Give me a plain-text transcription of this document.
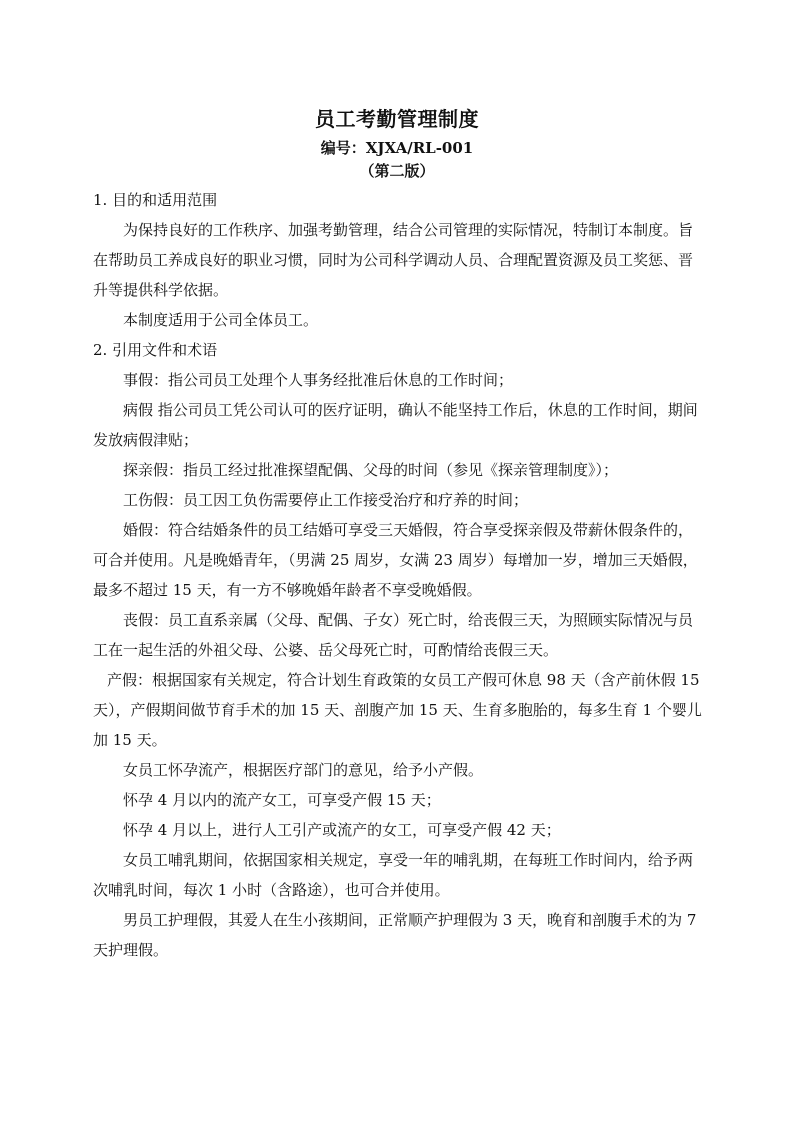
员工考勤管理制度
编号：XJXA/RL-001
（第二版）

1. 目的和适用范围

为保持良好的工作秩序、加强考勤管理，结合公司管理的实际情况，特制订本制度。旨在帮助员工养成良好的职业习惯，同时为公司科学调动人员、合理配置资源及员工奖惩、晋升等提供科学依据。

本制度适用于公司全体员工。

2. 引用文件和术语

事假：指公司员工处理个人事务经批准后休息的工作时间；

病假 指公司员工凭公司认可的医疗证明，确认不能坚持工作后，休息的工作时间，期间发放病假津贴；

探亲假：指员工经过批准探望配偶、父母的时间（参见《探亲管理制度》）；

工伤假：员工因工负伤需要停止工作接受治疗和疗养的时间；

婚假：符合结婚条件的员工结婚可享受三天婚假，符合享受探亲假及带薪休假条件的，可合并使用。凡是晚婚青年，（男满 25 周岁，女满 23 周岁）每增加一岁，增加三天婚假，最多不超过 15 天，有一方不够晚婚年龄者不享受晚婚假。

丧假：员工直系亲属（父母、配偶、子女）死亡时，给丧假三天，为照顾实际情况与员工在一起生活的外祖父母、公婆、岳父母死亡时，可酌情给丧假三天。

产假：根据国家有关规定，符合计划生育政策的女员工产假可休息 98 天（含产前休假 15 天），产假期间做节育手术的加 15 天、剖腹产加 15 天、生育多胞胎的，每多生育 1 个婴儿加 15 天。

女员工怀孕流产，根据医疗部门的意见，给予小产假。

怀孕 4 月以内的流产女工，可享受产假 15 天；

怀孕 4 月以上，进行人工引产或流产的女工，可享受产假 42 天；

女员工哺乳期间，依据国家相关规定，享受一年的哺乳期，在每班工作时间内，给予两次哺乳时间，每次 1 小时（含路途），也可合并使用。

男员工护理假，其爱人在生小孩期间，正常顺产护理假为 3 天，晚育和剖腹手术的为 7 天护理假。
